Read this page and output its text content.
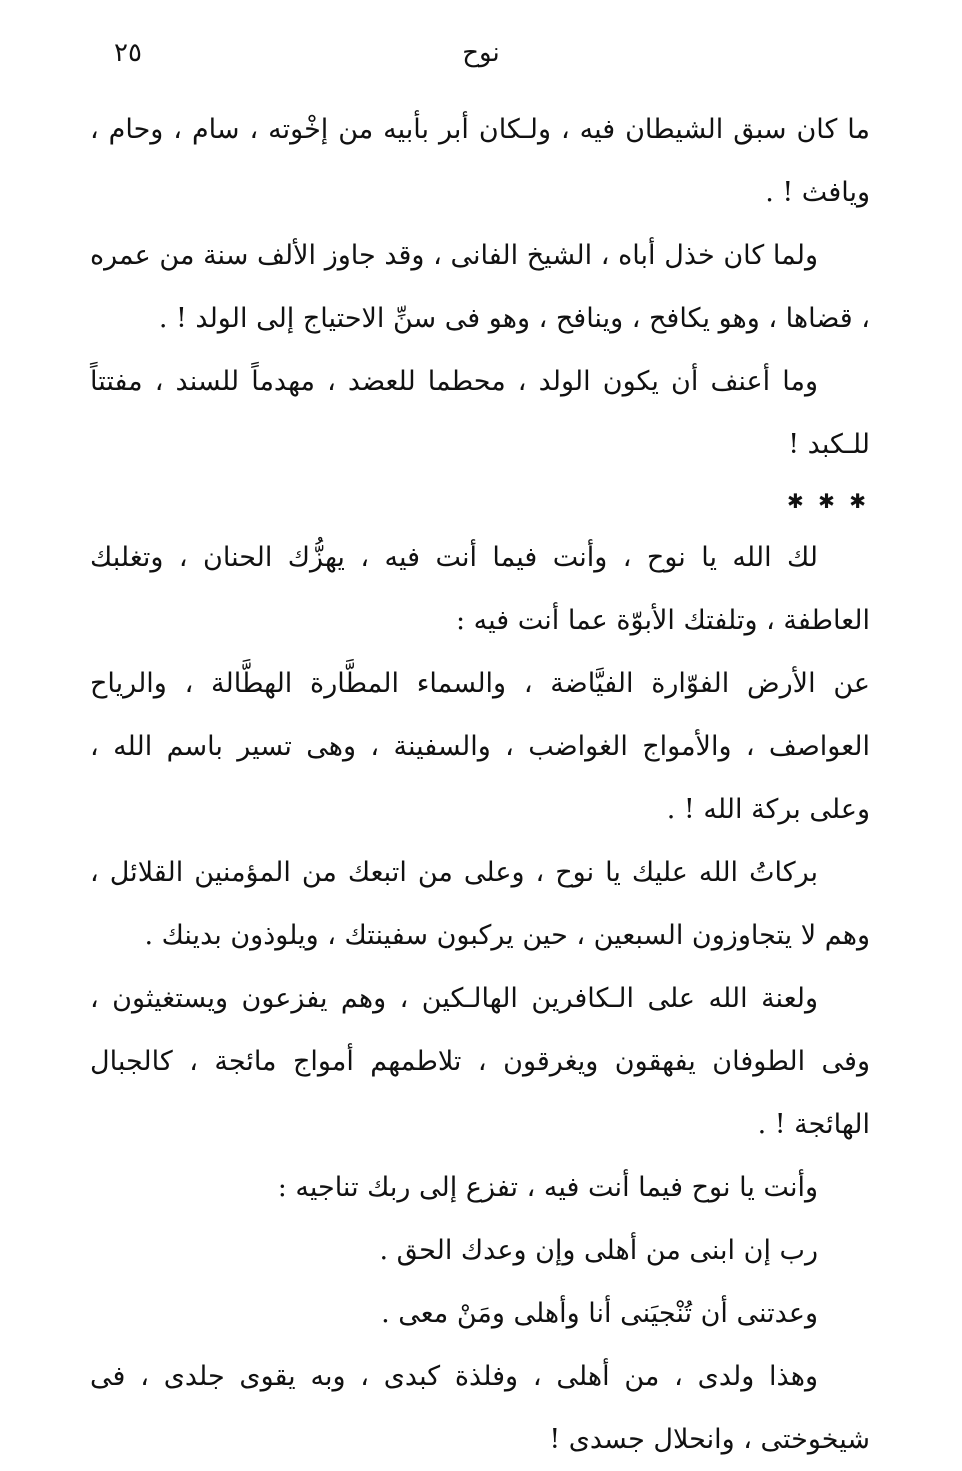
نوح
٢٥

ما كان سبق الشيطان فيه ، ولـكان أبر بأبيه من إخْوته ، سام ، وحام ، ويافث ! .

ولما كان خذل أباه ، الشيخ الفانى ، وقد جاوز الألف سنة من عمره ، قضاها ، وهو يكافح ، وينافح ، وهو فى سنِّ الاحتياج إلى الولد ! .

وما أعنف أن يكون الولد ، محطما للعضد ، مهدماً للسند ، مفتتاً للـكبد !

✱ ✱ ✱

لك الله يا نوح ، وأنت فيما أنت فيه ، يهزُّك الحنان ، وتغلبك العاطفة ، وتلفتك الأبوّة عما أنت فيه :

عن الأرض الفوّارة الفيَّاضة ، والسماء المطَّارة الهطَّالة ، والرياح العواصف ، والأمواج الغواضب ، والسفينة ، وهى تسير باسم الله ، وعلى بركة الله ! .

بركاتُ الله عليك يا نوح ، وعلى من اتبعك من المؤمنين القلائل ، وهم لا يتجاوزون السبعين ، حين يركبون سفينتك ، ويلوذون بدينك .

ولعنة الله على الـكافرين الهالـكين ، وهم يفزعون ويستغيثون ، وفى الطوفان يفهقون ويغرقون ، تلاطمهم أمواج مائجة ، كالجبال الهائجة ! .

وأنت يا نوح فيما أنت فيه ، تفزع إلى ربك تناجيه :

رب إن ابنى من أهلى وإن وعدك الحق .

وعدتنى أن تُنْجيَنى أنا وأهلى ومَنْ معى .

وهذا ولدى ، من أهلى ، وفلذة كبدى ، وبه يقوى جلدى ، فى شيخوختى ، وانحلال جسدى !
